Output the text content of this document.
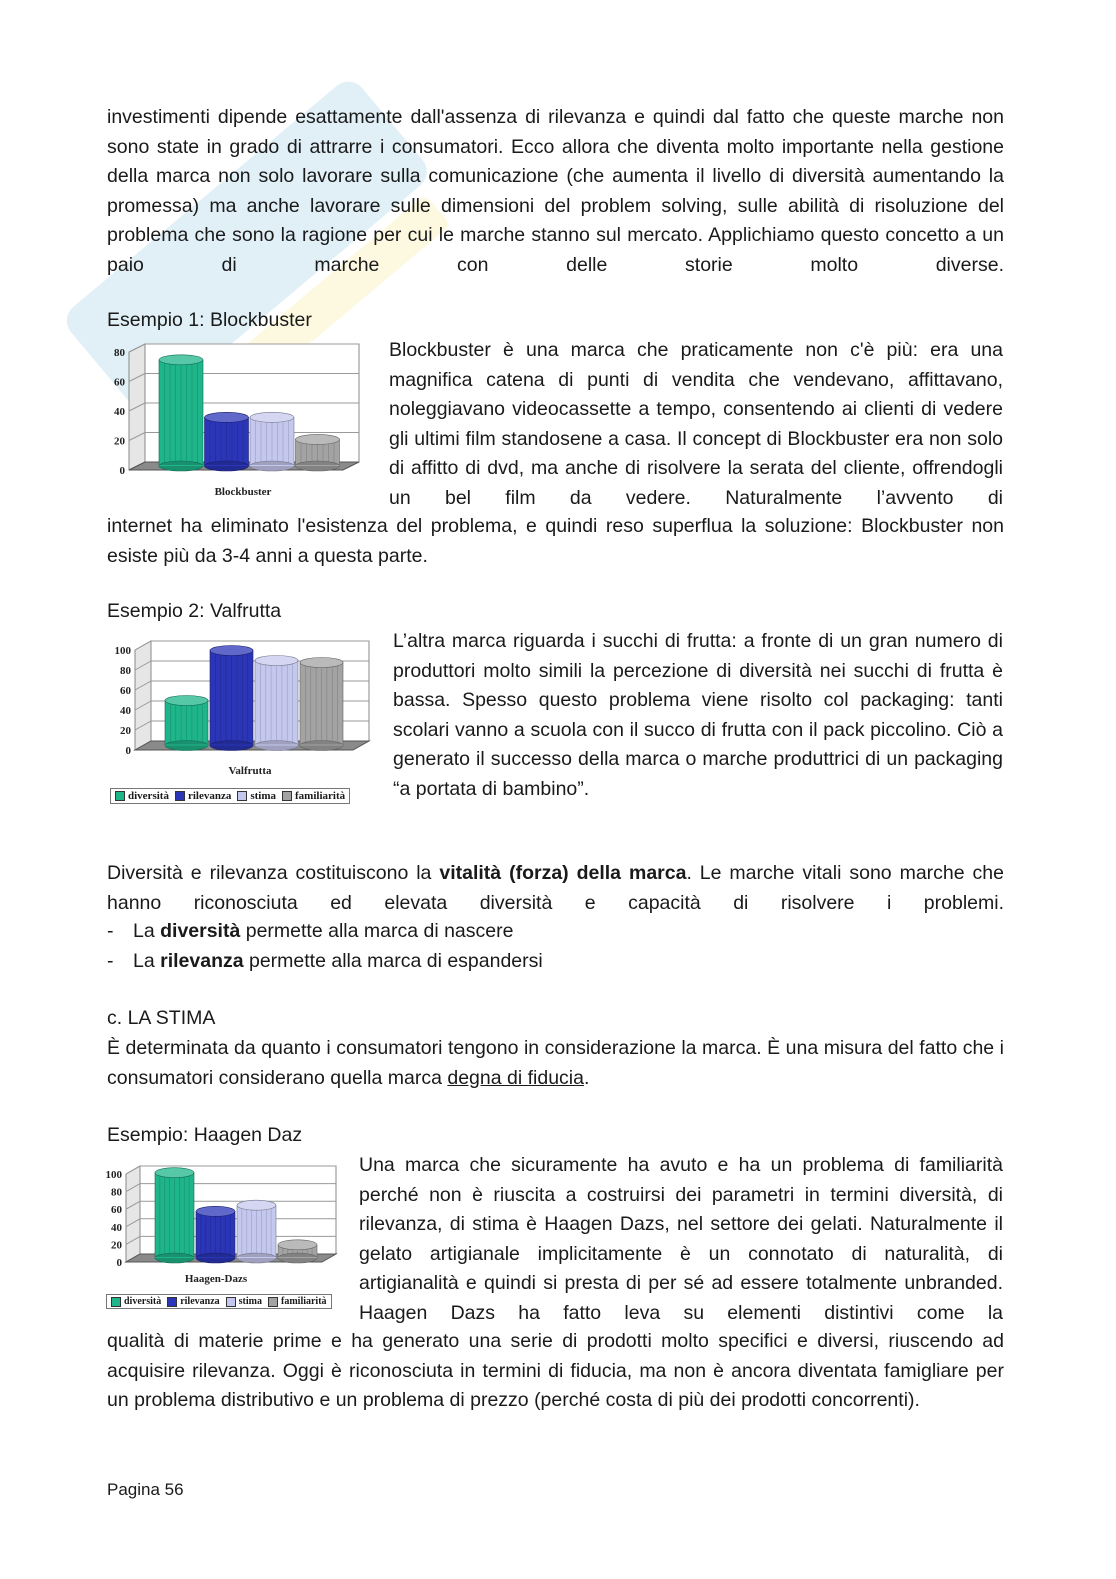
investimenti dipende esattamente dall'assenza di rilevanza e quindi dal fatto che queste marche non sono state in grado di attrarre i consumatori. Ecco allora che diventa molto importante nella gestione della marca non solo lavorare sulla comunicazione (che aumenta il livello di diversità aumentando la promessa) ma anche lavorare sulle dimensioni del problem solving, sulle abilità di risoluzione del problema che sono la ragione per cui le marche stanno sul mercato. Applichiamo questo concetto a un paio di marche con delle storie molto diverse.

Esempio 1: Blockbuster
0
20
40
60
80
Blockbuster

Blockbuster è una marca che praticamente non c'è più: era una magnifica catena di punti di vendita che vendevano, affittavano, noleggiavano videocassette a tempo, consentendo ai clienti di vedere gli ultimi film standosene a casa. Il concept di Blockbuster era non solo di affitto di dvd, ma anche di risolvere la serata del cliente, offrendogli un bel film da vedere. Naturalmente l’avvento di

internet ha eliminato l'esistenza del problema, e quindi reso superflua la soluzione: Blockbuster non esiste più da 3-4 anni a questa parte.

Esempio 2: Valfrutta
0
20
40
60
80
100
Valfrutta
diversità	rilevanza	stima	familiarità

L’altra marca riguarda i succhi di frutta: a fronte di un gran numero di produttori molto simili la percezione di diversità nei succhi di frutta è bassa. Spesso questo problema viene risolto col packaging: tanti scolari vanno a scuola con il succo di frutta con il pack piccolino. Ciò a generato il successo della marca o marche produttrici di un packaging “a portata di bambino”.

Diversità e rilevanza costituiscono la vitalità (forza) della marca. Le marche vitali sono marche che hanno riconosciuta ed elevata diversità e capacità di risolvere i problemi.

- La diversità permette alla marca di nascere
- La rilevanza permette alla marca di espandersi
c. LA STIMA

È determinata da quanto i consumatori tengono in considerazione la marca. È una misura del fatto che i consumatori considerano quella marca degna di fiducia.

Esempio: Haagen Daz
0
20
40
60
80
100
Haagen-Dazs
diversità	rilevanza	stima	familiarità

Una marca che sicuramente ha avuto e ha un problema di familiarità perché non è riuscita a costruirsi dei parametri in termini diversità, di rilevanza, di stima è Haagen Dazs, nel settore dei gelati. Naturalmente il gelato artigianale implicitamente è un connotato di naturalità, di artigianalità e quindi si presta di per sé ad essere totalmente unbranded. Haagen Dazs ha fatto leva su elementi distintivi come la

qualità di materie prime e ha generato una serie di prodotti molto specifici e diversi, riuscendo ad acquisire rilevanza. Oggi è riconosciuta in termini di fiducia, ma non è ancora diventata famigliare per un problema distributivo e un problema di prezzo (perché costa di più dei prodotti concorrenti).

Pagina 56
